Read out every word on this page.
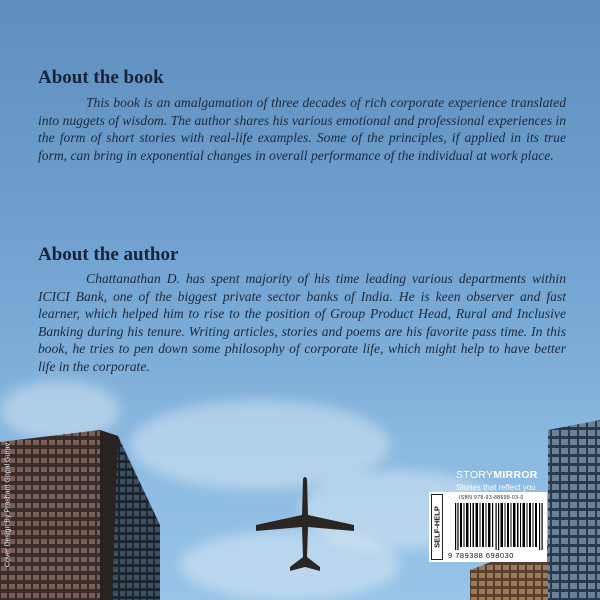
About the book

This book is an amalgamation of three decades of rich corporate experience translated into nuggets of wisdom. The author shares his various emotional and professional experiences in the form of short stories with real-life examples. Some of the principles, if applied in its true form, can bring in exponential changes in overall performance of the individual at work place.

About the author

Chattanathan D. has spent majority of his time leading various departments within ICICI Bank, one of the biggest private sector banks of India. He is keen observer and fast learner, which helped him to rise to the position of Group Product Head, Rural and Inclusive Banking during his tenure. Writing articles, stories and poems are his favorite pass time. In this book, he tries to pen down some philosophy of corporate life, which might help to have better life in the corporate.

Cover Design By Prashant Gopal Gurav	STORYMIRROR
Stories that reflect you
SELF-HELP
ISBN 978-93-88698-03-0
9 789388 698030
